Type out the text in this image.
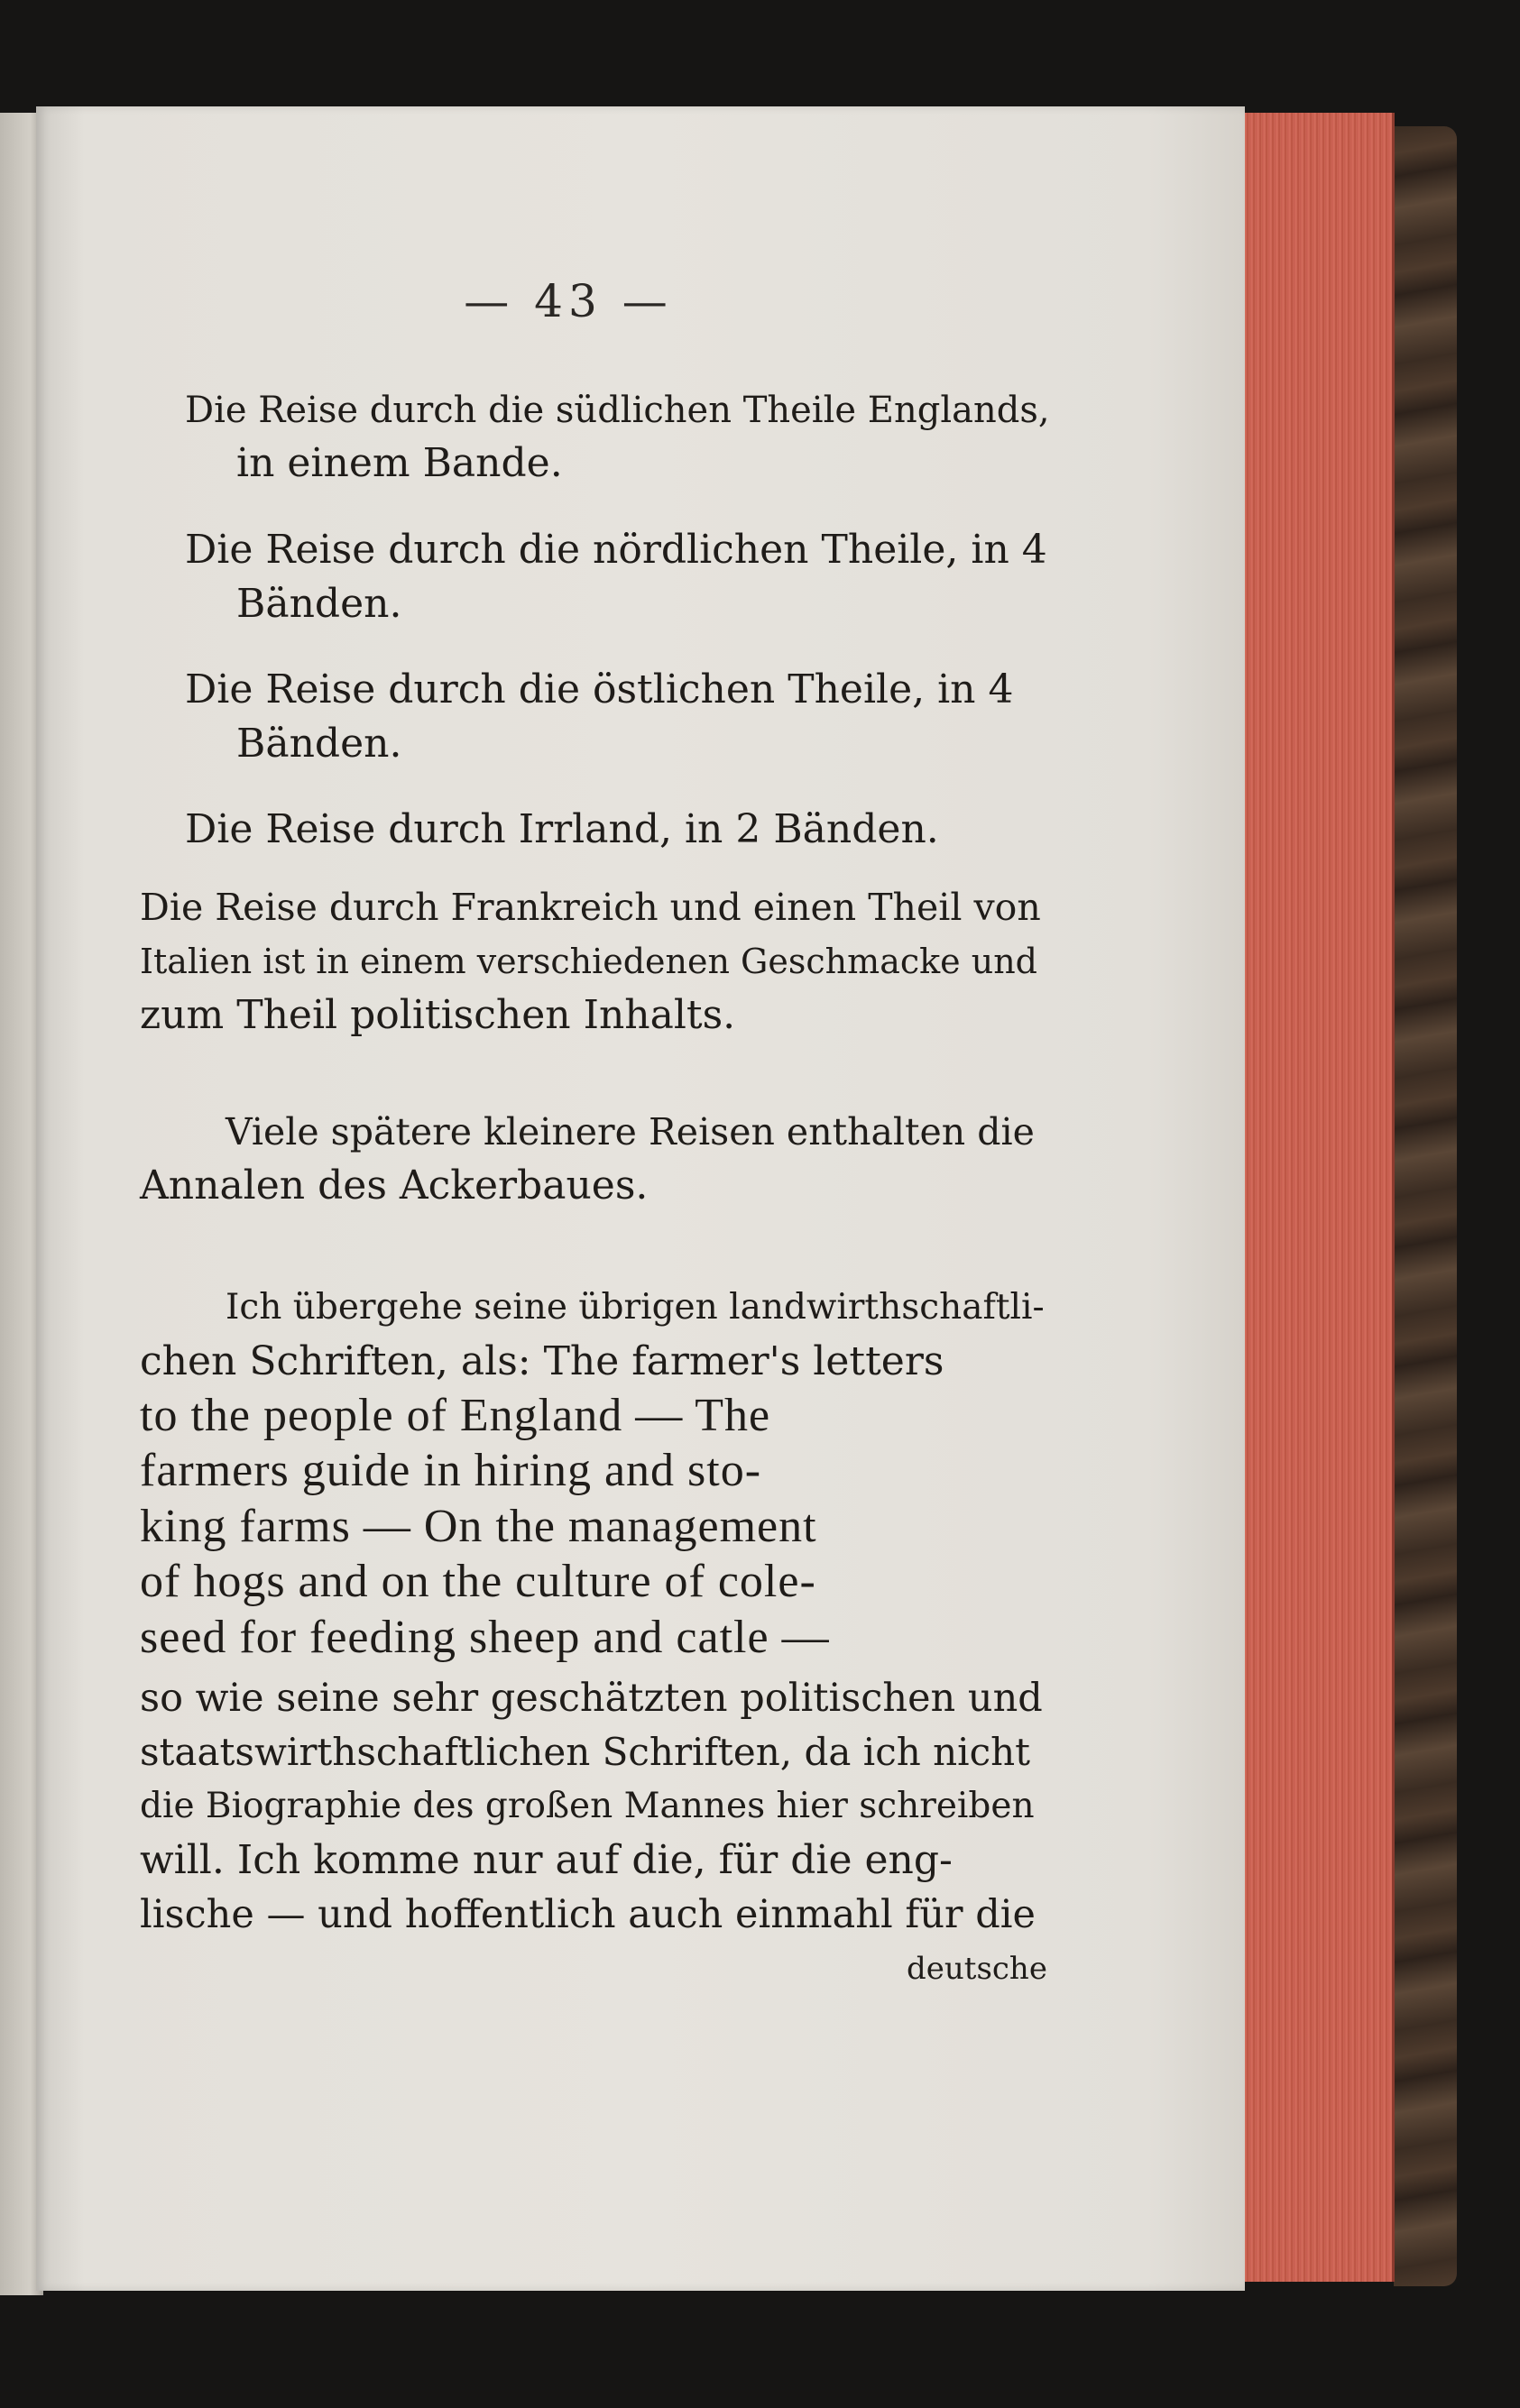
— 43 —

Die Reise durch die südlichen Theile Englands,

in einem Bande.

Die Reise durch die nördlichen Theile, in 4

Bänden.

Die Reise durch die östlichen Theile, in 4

Bänden.

Die Reise durch Irrland, in 2 Bänden.

Die Reise durch Frankreich und einen Theil von

Italien ist in einem verschiedenen Geschmacke und

zum Theil politischen Inhalts.

Viele spätere kleinere Reisen enthalten die

Annalen des Ackerbaues.

Ich übergehe seine übrigen landwirthschaftli-

chen Schriften, als: The farmer's letters

to the people of England — The

farmers guide in hiring and sto-

king farms — On the management

of hogs and on the culture of cole-

seed for feeding sheep and catle —

so wie seine sehr geschätzten politischen und

staatswirthschaftlichen Schriften, da ich nicht

die Biographie des großen Mannes hier schreiben

will. Ich komme nur auf die, für die eng-

lische — und hoffentlich auch einmahl für die

deutsche
